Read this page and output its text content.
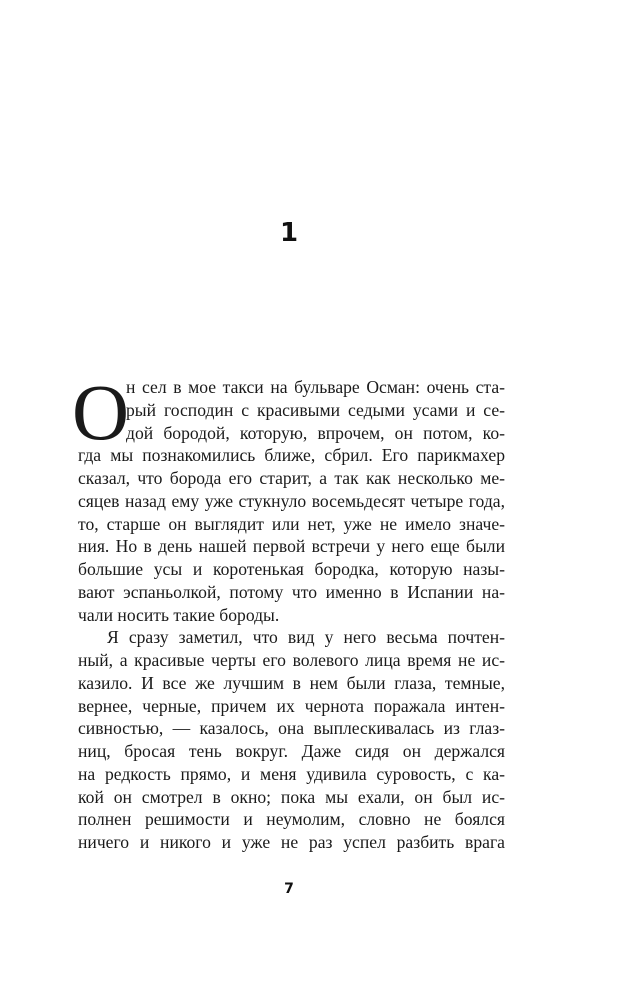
1
О
н сел в мое такси на бульваре Осман: очень ста-
рый господин с красивыми седыми усами и се-
дой бородой, которую, впрочем, он потом, ко-
гда мы познакомились ближе, сбрил. Его парикмахер
сказал, что борода его старит, а так как несколько ме-
сяцев назад ему уже стукнуло восемьдесят четыре года,
то, старше он выглядит или нет, уже не имело значе-
ния. Но в день нашей первой встречи у него еще были
большие усы и коротенькая бородка, которую назы-
вают эспаньолкой, потому что именно в Испании на-
чали носить такие бороды.
Я сразу заметил, что вид у него весьма почтен-
ный, а красивые черты его волевого лица время не ис-
казило. И все же лучшим в нем были глаза, темные,
вернее, черные, причем их чернота поражала интен-
сивностью, — казалось, она выплескивалась из глаз-
ниц, бросая тень вокруг. Даже сидя он держался
на редкость прямо, и меня удивила суровость, с ка-
кой он смотрел в окно; пока мы ехали, он был ис-
полнен решимости и неумолим, словно не боялся
ничего и никого и уже не раз успел разбить врага
7
